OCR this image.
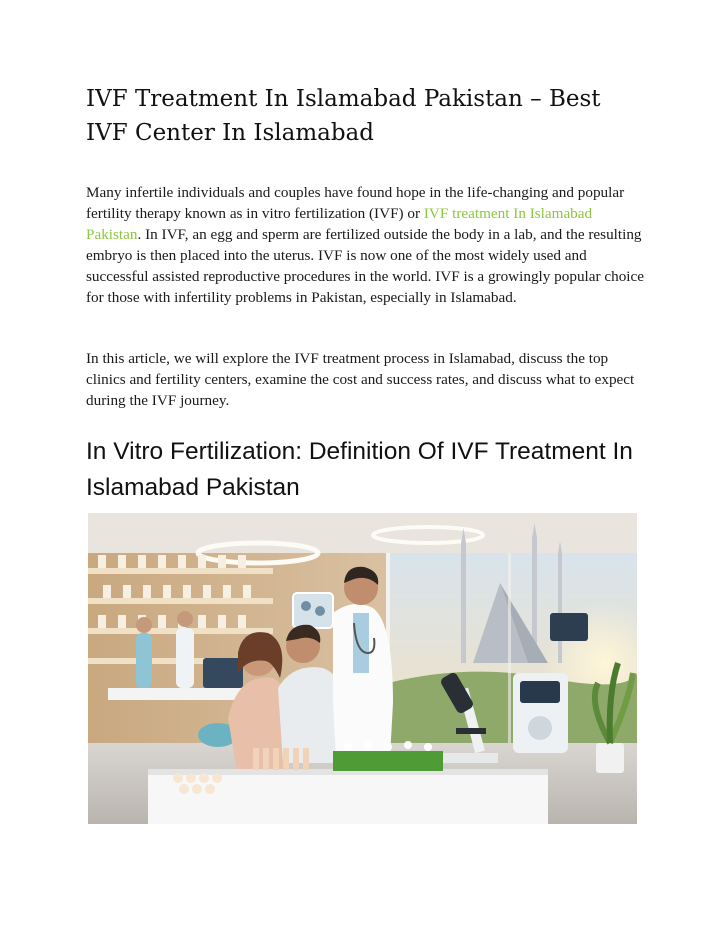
IVF Treatment In Islamabad Pakistan – Best IVF Center In Islamabad

Many infertile individuals and couples have found hope in the life-changing and popular fertility therapy known as in vitro fertilization (IVF) or IVF treatment In Islamabad Pakistan. In IVF, an egg and sperm are fertilized outside the body in a lab, and the resulting embryo is then placed into the uterus. IVF is now one of the most widely used and successful assisted reproductive procedures in the world. IVF is a growingly popular choice for those with infertility problems in Pakistan, especially in Islamabad.

In this article, we will explore the IVF treatment process in Islamabad, discuss the top clinics and fertility centers, examine the cost and success rates, and discuss what to expect during the IVF journey.

In Vitro Fertilization: Definition Of IVF Treatment In Islamabad Pakistan
